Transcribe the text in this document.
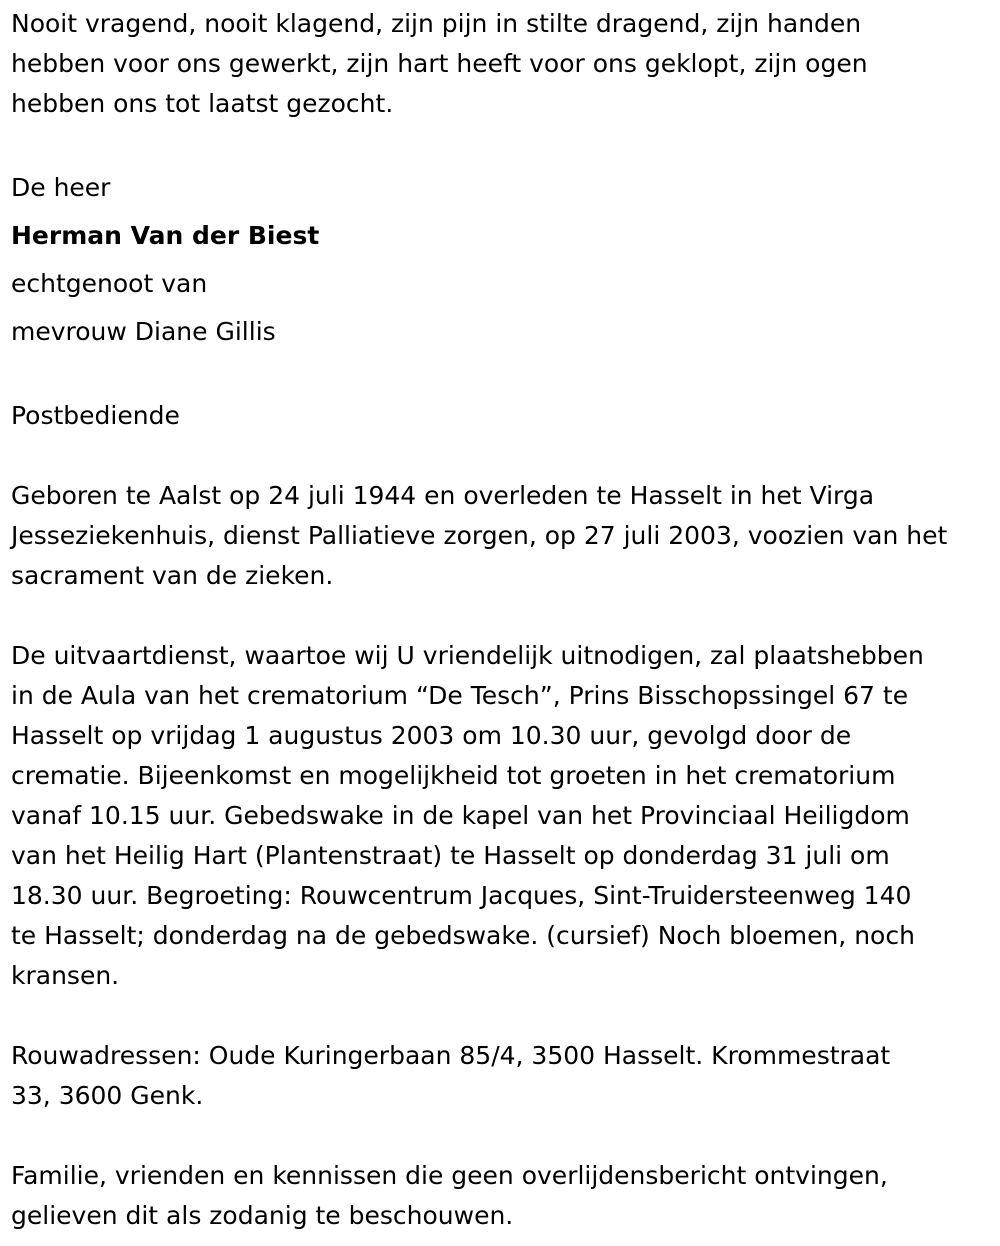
Nooit vragend, nooit klagend, zijn pijn in stilte dragend, zijn handen
hebben voor ons gewerkt, zijn hart heeft voor ons geklopt, zijn ogen
hebben ons tot laatst gezocht.

De heer
Herman Van der Biest
echtgenoot van
mevrouw Diane Gillis

Postbediende

Geboren te Aalst op 24 juli 1944 en overleden te Hasselt in het Virga
Jesseziekenhuis, dienst Palliatieve zorgen, op 27 juli 2003, voozien van het
sacrament van de zieken.

De uitvaartdienst, waartoe wij U vriendelijk uitnodigen, zal plaatshebben
in de Aula van het crematorium “De Tesch”, Prins Bisschopssingel 67 te
Hasselt op vrijdag 1 augustus 2003 om 10.30 uur, gevolgd door de
crematie. Bijeenkomst en mogelijkheid tot groeten in het crematorium
vanaf 10.15 uur. Gebedswake in de kapel van het Provinciaal Heiligdom
van het Heilig Hart (Plantenstraat) te Hasselt op donderdag 31 juli om
18.30 uur. Begroeting: Rouwcentrum Jacques, Sint-Truidersteenweg 140
te Hasselt; donderdag na de gebedswake. (cursief) Noch bloemen, noch
kransen.

Rouwadressen: Oude Kuringerbaan 85/4, 3500 Hasselt. Krommestraat
33, 3600 Genk.

Familie, vrienden en kennissen die geen overlijdensbericht ontvingen,
gelieven dit als zodanig te beschouwen.
